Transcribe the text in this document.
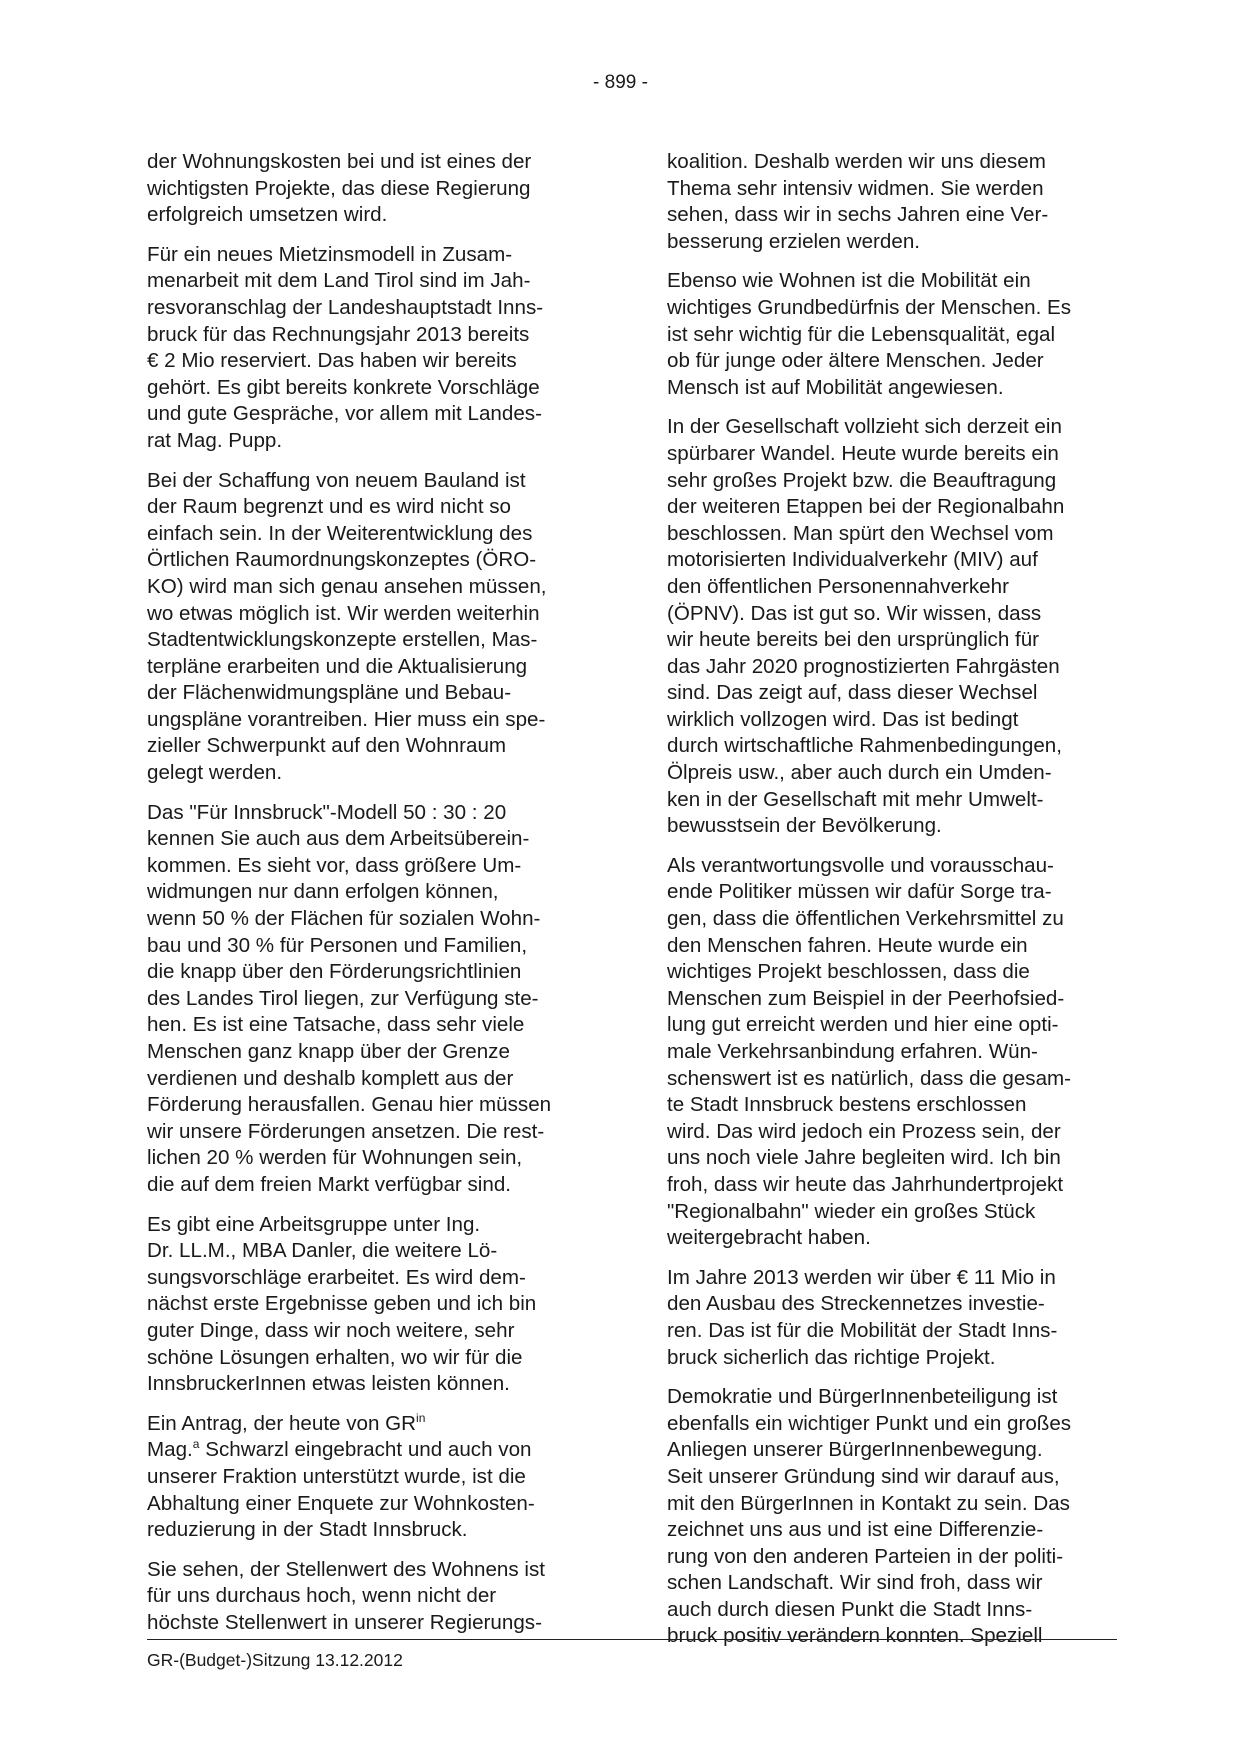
- 899 -
der Wohnungskosten bei und ist eines der
wichtigsten Projekte, das diese Regierung
erfolgreich umsetzen wird.
Für ein neues Mietzinsmodell in Zusam-
menarbeit mit dem Land Tirol sind im Jah-
resvoranschlag der Landeshauptstadt Inns-
bruck für das Rechnungsjahr 2013 bereits
€ 2 Mio reserviert. Das haben wir bereits
gehört. Es gibt bereits konkrete Vorschläge
und gute Gespräche, vor allem mit Landes-
rat Mag. Pupp.
Bei der Schaffung von neuem Bauland ist
der Raum begrenzt und es wird nicht so
einfach sein. In der Weiterentwicklung des
Örtlichen Raumordnungskonzeptes (ÖRO-
KO) wird man sich genau ansehen müssen,
wo etwas möglich ist. Wir werden weiterhin
Stadtentwicklungskonzepte erstellen, Mas-
terpläne erarbeiten und die Aktualisierung
der Flächenwidmungspläne und Bebau-
ungspläne vorantreiben. Hier muss ein spe-
zieller Schwerpunkt auf den Wohnraum
gelegt werden.
Das "Für Innsbruck"-Modell 50 : 30 : 20
kennen Sie auch aus dem Arbeitsüberein-
kommen. Es sieht vor, dass größere Um-
widmungen nur dann erfolgen können,
wenn 50 % der Flächen für sozialen Wohn-
bau und 30 % für Personen und Familien,
die knapp über den Förderungsrichtlinien
des Landes Tirol liegen, zur Verfügung ste-
hen. Es ist eine Tatsache, dass sehr viele
Menschen ganz knapp über der Grenze
verdienen und deshalb komplett aus der
Förderung herausfallen. Genau hier müssen
wir unsere Förderungen ansetzen. Die rest-
lichen 20 % werden für Wohnungen sein,
die auf dem freien Markt verfügbar sind.
Es gibt eine Arbeitsgruppe unter Ing.
Dr. LL.M., MBA Danler, die weitere Lö-
sungsvorschläge erarbeitet. Es wird dem-
nächst erste Ergebnisse geben und ich bin
guter Dinge, dass wir noch weitere, sehr
schöne Lösungen erhalten, wo wir für die
InnsbruckerInnen etwas leisten können.
Ein Antrag, der heute von $GR^{in}$
Mag.$^a$ Schwarzl eingebracht und auch von
unserer Fraktion unterstützt wurde, ist die
Abhaltung einer Enquete zur Wohnkosten-
reduzierung in der Stadt Innsbruck.
Sie sehen, der Stellenwert des Wohnens ist
für uns durchaus hoch, wenn nicht der
höchste Stellenwert in unserer Regierungs-
koalition. Deshalb werden wir uns diesem
Thema sehr intensiv widmen. Sie werden
sehen, dass wir in sechs Jahren eine Ver-
besserung erzielen werden.
Ebenso wie Wohnen ist die Mobilität ein
wichtiges Grundbedürfnis der Menschen. Es
ist sehr wichtig für die Lebensqualität, egal
ob für junge oder ältere Menschen. Jeder
Mensch ist auf Mobilität angewiesen.
In der Gesellschaft vollzieht sich derzeit ein
spürbarer Wandel. Heute wurde bereits ein
sehr großes Projekt bzw. die Beauftragung
der weiteren Etappen bei der Regionalbahn
beschlossen. Man spürt den Wechsel vom
motorisierten Individualverkehr (MIV) auf
den öffentlichen Personennahverkehr
(ÖPNV). Das ist gut so. Wir wissen, dass
wir heute bereits bei den ursprünglich für
das Jahr 2020 prognostizierten Fahrgästen
sind. Das zeigt auf, dass dieser Wechsel
wirklich vollzogen wird. Das ist bedingt
durch wirtschaftliche Rahmenbedingungen,
Ölpreis usw., aber auch durch ein Umden-
ken in der Gesellschaft mit mehr Umwelt-
bewusstsein der Bevölkerung.
Als verantwortungsvolle und vorausschau-
ende Politiker müssen wir dafür Sorge tra-
gen, dass die öffentlichen Verkehrsmittel zu
den Menschen fahren. Heute wurde ein
wichtiges Projekt beschlossen, dass die
Menschen zum Beispiel in der Peerhofsied-
lung gut erreicht werden und hier eine opti-
male Verkehrsanbindung erfahren. Wün-
schenswert ist es natürlich, dass die gesam-
te Stadt Innsbruck bestens erschlossen
wird. Das wird jedoch ein Prozess sein, der
uns noch viele Jahre begleiten wird. Ich bin
froh, dass wir heute das Jahrhundertprojekt
"Regionalbahn" wieder ein großes Stück
weitergebracht haben.
Im Jahre 2013 werden wir über € 11 Mio in
den Ausbau des Streckennetzes investie-
ren. Das ist für die Mobilität der Stadt Inns-
bruck sicherlich das richtige Projekt.
Demokratie und BürgerInnenbeteiligung ist
ebenfalls ein wichtiger Punkt und ein großes
Anliegen unserer BürgerInnenbewegung.
Seit unserer Gründung sind wir darauf aus,
mit den BürgerInnen in Kontakt zu sein. Das
zeichnet uns aus und ist eine Differenzie-
rung von den anderen Parteien in der politi-
schen Landschaft. Wir sind froh, dass wir
auch durch diesen Punkt die Stadt Inns-
bruck positiv verändern konnten. Speziell
GR-(Budget-)Sitzung 13.12.2012
